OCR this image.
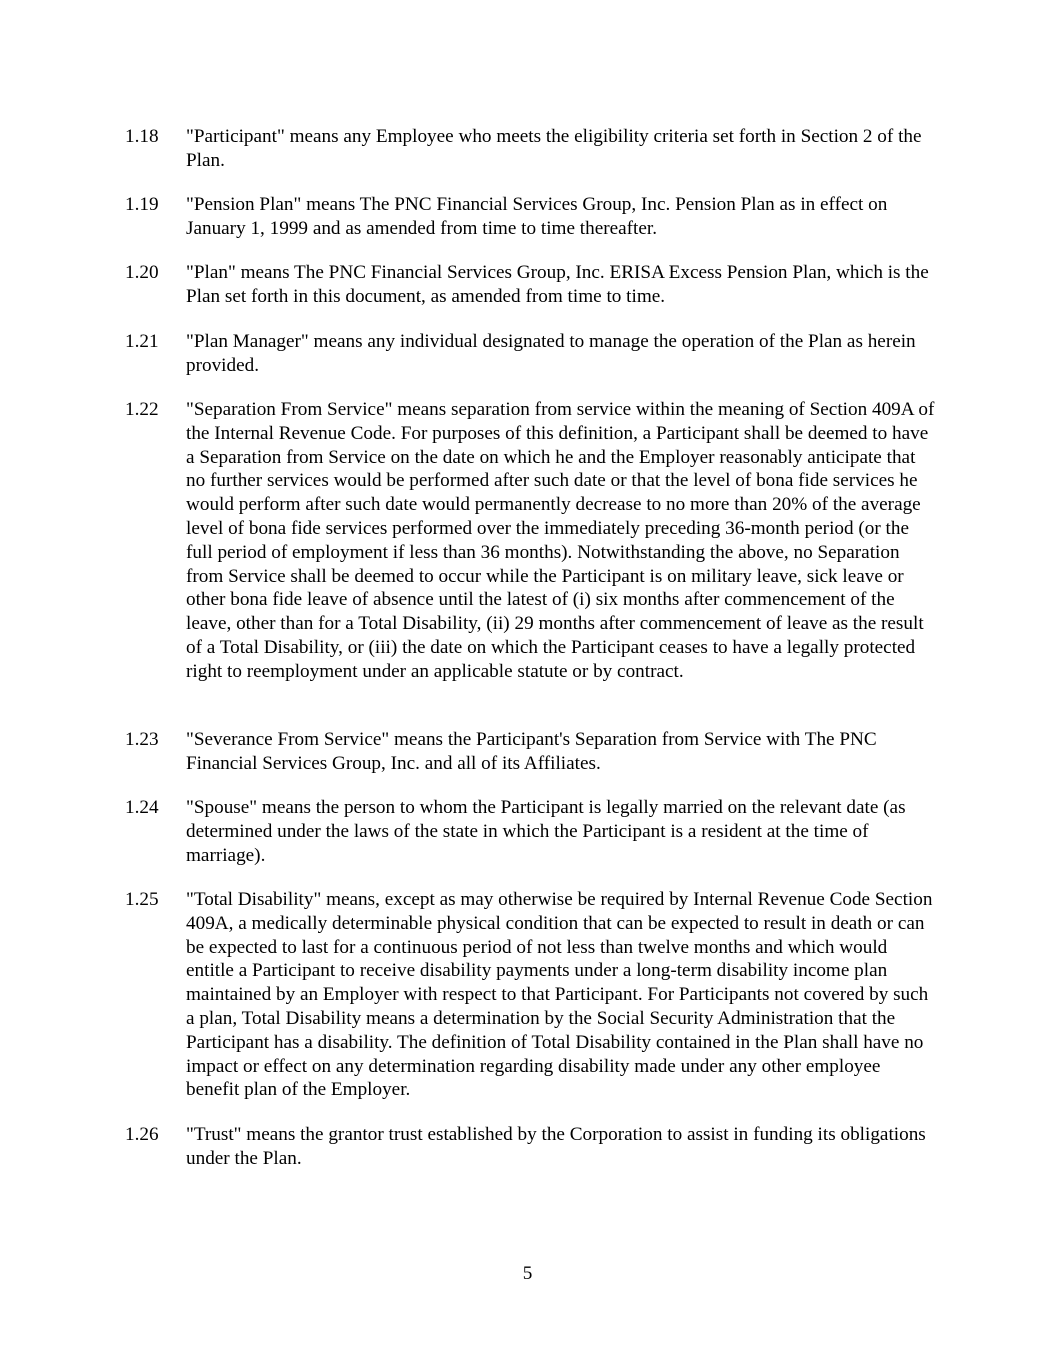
1.18	"Participant" means any Employee who meets the eligibility criteria set forth in Section 2 of the Plan.
1.19	"Pension Plan" means The PNC Financial Services Group, Inc. Pension Plan as in effect on January 1, 1999 and as amended from time to time thereafter.
1.20	"Plan" means The PNC Financial Services Group, Inc. ERISA Excess Pension Plan, which is the Plan set forth in this document, as amended from time to time.
1.21	"Plan Manager" means any individual designated to manage the operation of the Plan as herein provided.
1.22	"Separation From Service" means separation from service within the meaning of Section 409A of the Internal Revenue Code. For purposes of this definition, a Participant shall be deemed to have a Separation from Service on the date on which he and the Employer reasonably anticipate that no further services would be performed after such date or that the level of bona fide services he would perform after such date would permanently decrease to no more than 20% of the average level of bona fide services performed over the immediately preceding 36-month period (or the full period of employment if less than 36 months). Notwithstanding the above, no Separation from Service shall be deemed to occur while the Participant is on military leave, sick leave or other bona fide leave of absence until the latest of (i) six months after commencement of the leave, other than for a Total Disability, (ii) 29 months after commencement of leave as the result of a Total Disability, or (iii) the date on which the Participant ceases to have a legally protected right to reemployment under an applicable statute or by contract.
1.23	"Severance From Service" means the Participant's Separation from Service with The PNC Financial Services Group, Inc. and all of its Affiliates.
1.24	"Spouse" means the person to whom the Participant is legally married on the relevant date (as determined under the laws of the state in which the Participant is a resident at the time of marriage).
1.25	"Total Disability" means, except as may otherwise be required by Internal Revenue Code Section 409A, a medically determinable physical condition that can be expected to result in death or can be expected to last for a continuous period of not less than twelve months and which would entitle a Participant to receive disability payments under a long-term disability income plan maintained by an Employer with respect to that Participant. For Participants not covered by such a plan, Total Disability means a determination by the Social Security Administration that the Participant has a disability. The definition of Total Disability contained in the Plan shall have no impact or effect on any determination regarding disability made under any other employee benefit plan of the Employer.
1.26	"Trust" means the grantor trust established by the Corporation to assist in funding its obligations under the Plan.
5
